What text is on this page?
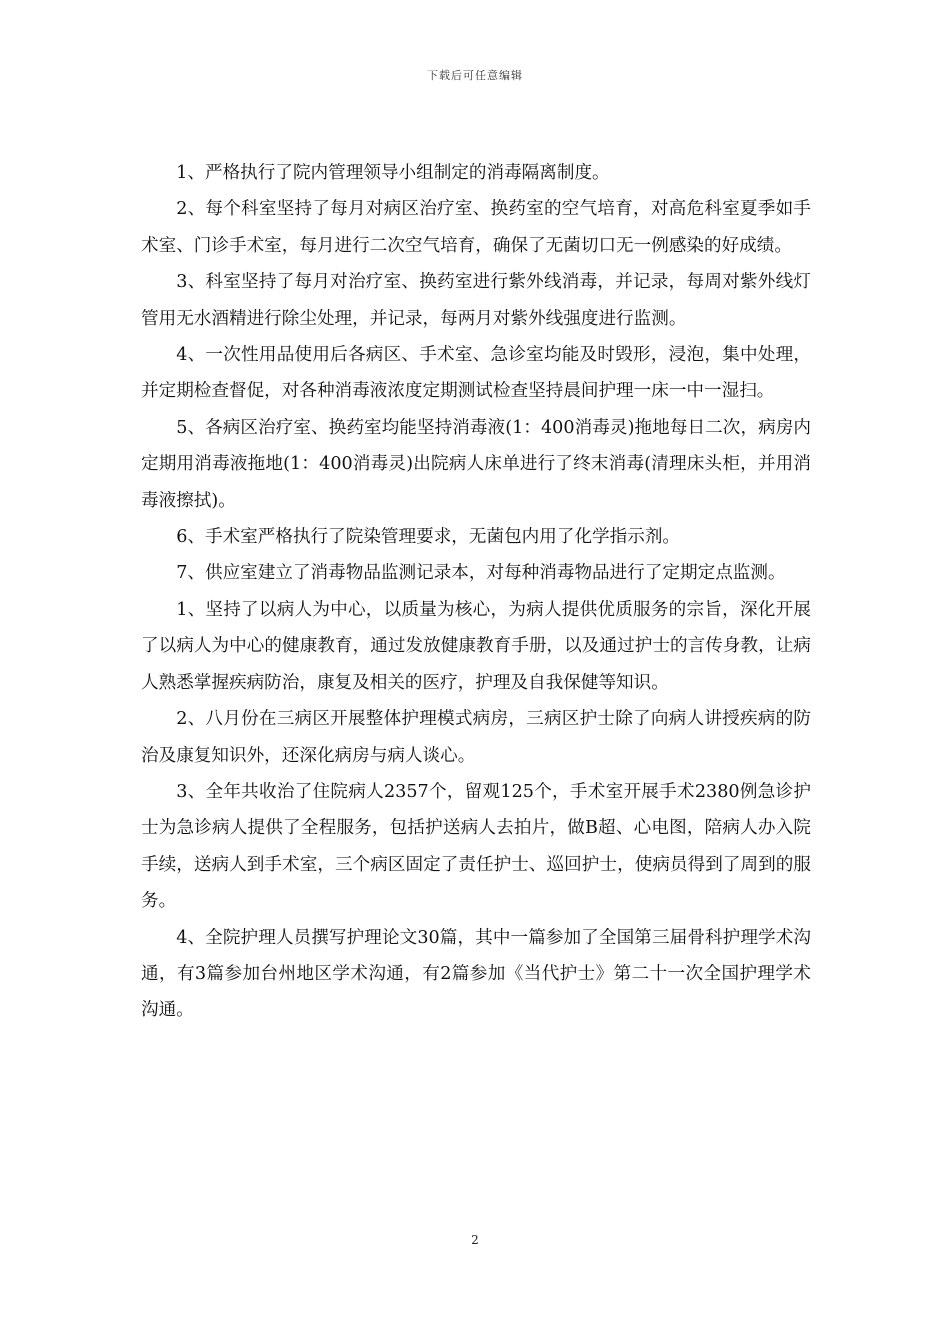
下载后可任意编辑

1、严格执行了院内管理领导小组制定的消毒隔离制度。

2、每个科室坚持了每月对病区治疗室、换药室的空气培育，对高危科室夏季如手术室、门诊手术室，每月进行二次空气培育，确保了无菌切口无一例感染的好成绩。

3、科室坚持了每月对治疗室、换药室进行紫外线消毒，并记录，每周对紫外线灯管用无水酒精进行除尘处理，并记录，每两月对紫外线强度进行监测。

4、一次性用品使用后各病区、手术室、急诊室均能及时毁形，浸泡，集中处理，并定期检查督促，对各种消毒液浓度定期测试检查坚持晨间护理一床一中一湿扫。

5、各病区治疗室、换药室均能坚持消毒液(1：400消毒灵)拖地每日二次，病房内定期用消毒液拖地(1：400消毒灵)出院病人床单进行了终末消毒(清理床头柜，并用消毒液擦拭)。

6、手术室严格执行了院染管理要求，无菌包内用了化学指示剂。

7、供应室建立了消毒物品监测记录本，对每种消毒物品进行了定期定点监测。

1、坚持了以病人为中心，以质量为核心，为病人提供优质服务的宗旨，深化开展了以病人为中心的健康教育，通过发放健康教育手册，以及通过护士的言传身教，让病人熟悉掌握疾病防治，康复及相关的医疗，护理及自我保健等知识。

2、八月份在三病区开展整体护理模式病房，三病区护士除了向病人讲授疾病的防治及康复知识外，还深化病房与病人谈心。

3、全年共收治了住院病人2357个，留观125个，手术室开展手术2380例急诊护士为急诊病人提供了全程服务，包括护送病人去拍片，做B超、心电图，陪病人办入院手续，送病人到手术室，三个病区固定了责任护士、巡回护士，使病员得到了周到的服务。

4、全院护理人员撰写护理论文30篇，其中一篇参加了全国第三届骨科护理学术沟通，有3篇参加台州地区学术沟通，有2篇参加《当代护士》第二十一次全国护理学术沟通。

2
